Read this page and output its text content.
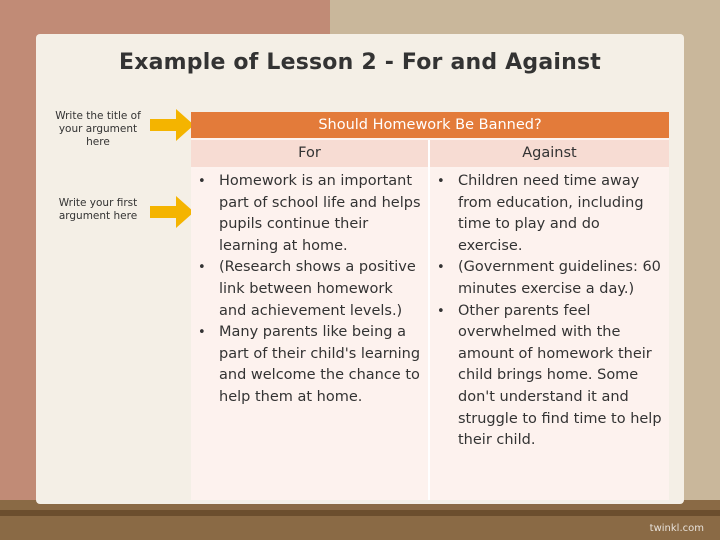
Example of Lesson 2 - For and Against
Write the title of your argument here
Write your first argument here
Should Homework Be Banned?
For	Against
• Homework is an important part of school life and helps pupils continue their learning at home.
• (Research shows a positive link between homework and achievement levels.)
• Many parents like being a part of their child's learning and welcome the chance to help them at home.
• Children need time away from education, including time to play and do exercise.
• (Government guidelines: 60 minutes exercise a day.)
• Other parents feel overwhelmed with the amount of homework their child brings home. Some don't understand it and struggle to find time to help their child.
twinkl.com
